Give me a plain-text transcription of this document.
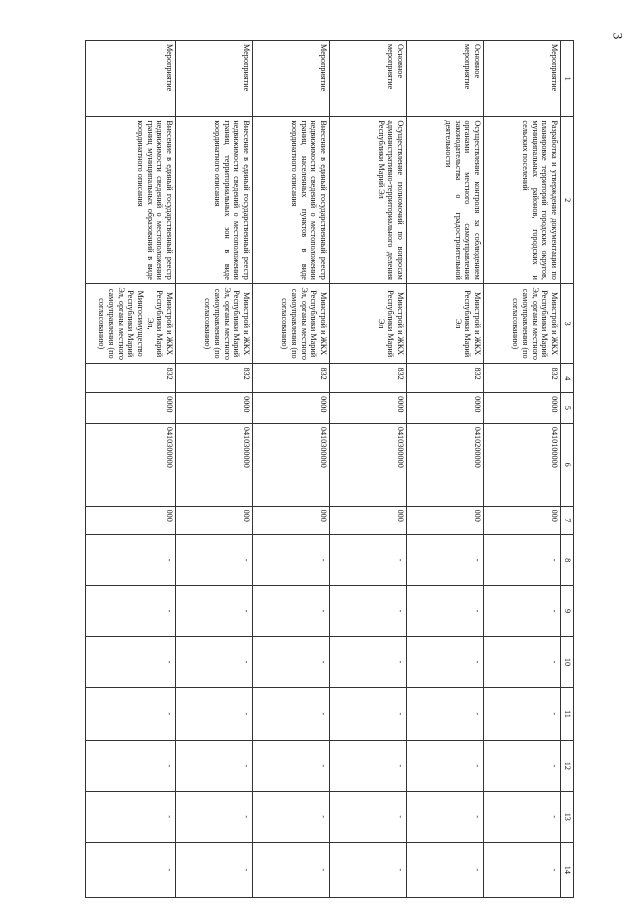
3
1	2	3	4	5	6	7	8	9	10	11	12	13	14
Мероприятие	Разработка и утверждение документации по планировке территорий городских округов, муниципальных районов, городских и сельских поселений	Минстрой и ЖКХ Республики Марий Эл, органы местного самоуправления (по согласованию)	832	0000	0410100000	000	-	-	-	-	-	-	-
Основное мероприятие	Осуществление контроля за соблюдением органами местного самоуправления законодательства о градостроительной деятельности	Минстрой и ЖКХ Республики Марий Эл	832	0000	0410200000	000	-	-	-	-	-	-	-
Основное мероприятие	Осуществление полномочий по вопросам административно-территориального деления Республики Марий Эл	Минстрой и ЖКХ Республики Марий Эл	832	0000	0410300000	000	-	-	-	-	-	-	-
Мероприятие	Внесение в единый государственный реестр недвижимости сведений о местоположении границ населенных пунктов в виде координатного описания	Минстрой и ЖКХ Республики Марий Эл, органы местного самоуправления (по согласованию)	832	0000	0410300000	000	-	-	-	-	-	-	-
Мероприятие	Внесение в единый государственный реестр недвижимости сведений о местоположении границ территориальных зон в виде координатного описания	Минстрой и ЖКХ Республики Марий Эл, органы местного самоуправления (по согласованию)	832	0000	0410300000	000	-	-	-	-	-	-	-
Мероприятие	Внесение в единый государственный реестр недвижимости сведений о местоположении границ муниципальных образований в виде координатного описания	Минстрой и ЖКХ Республики Марий Эл, Мингосимущество Республики Марий Эл, органы местного самоуправления (по согласованию)	832	0000	0410300000	000	-	-	-	-	-	-	-
